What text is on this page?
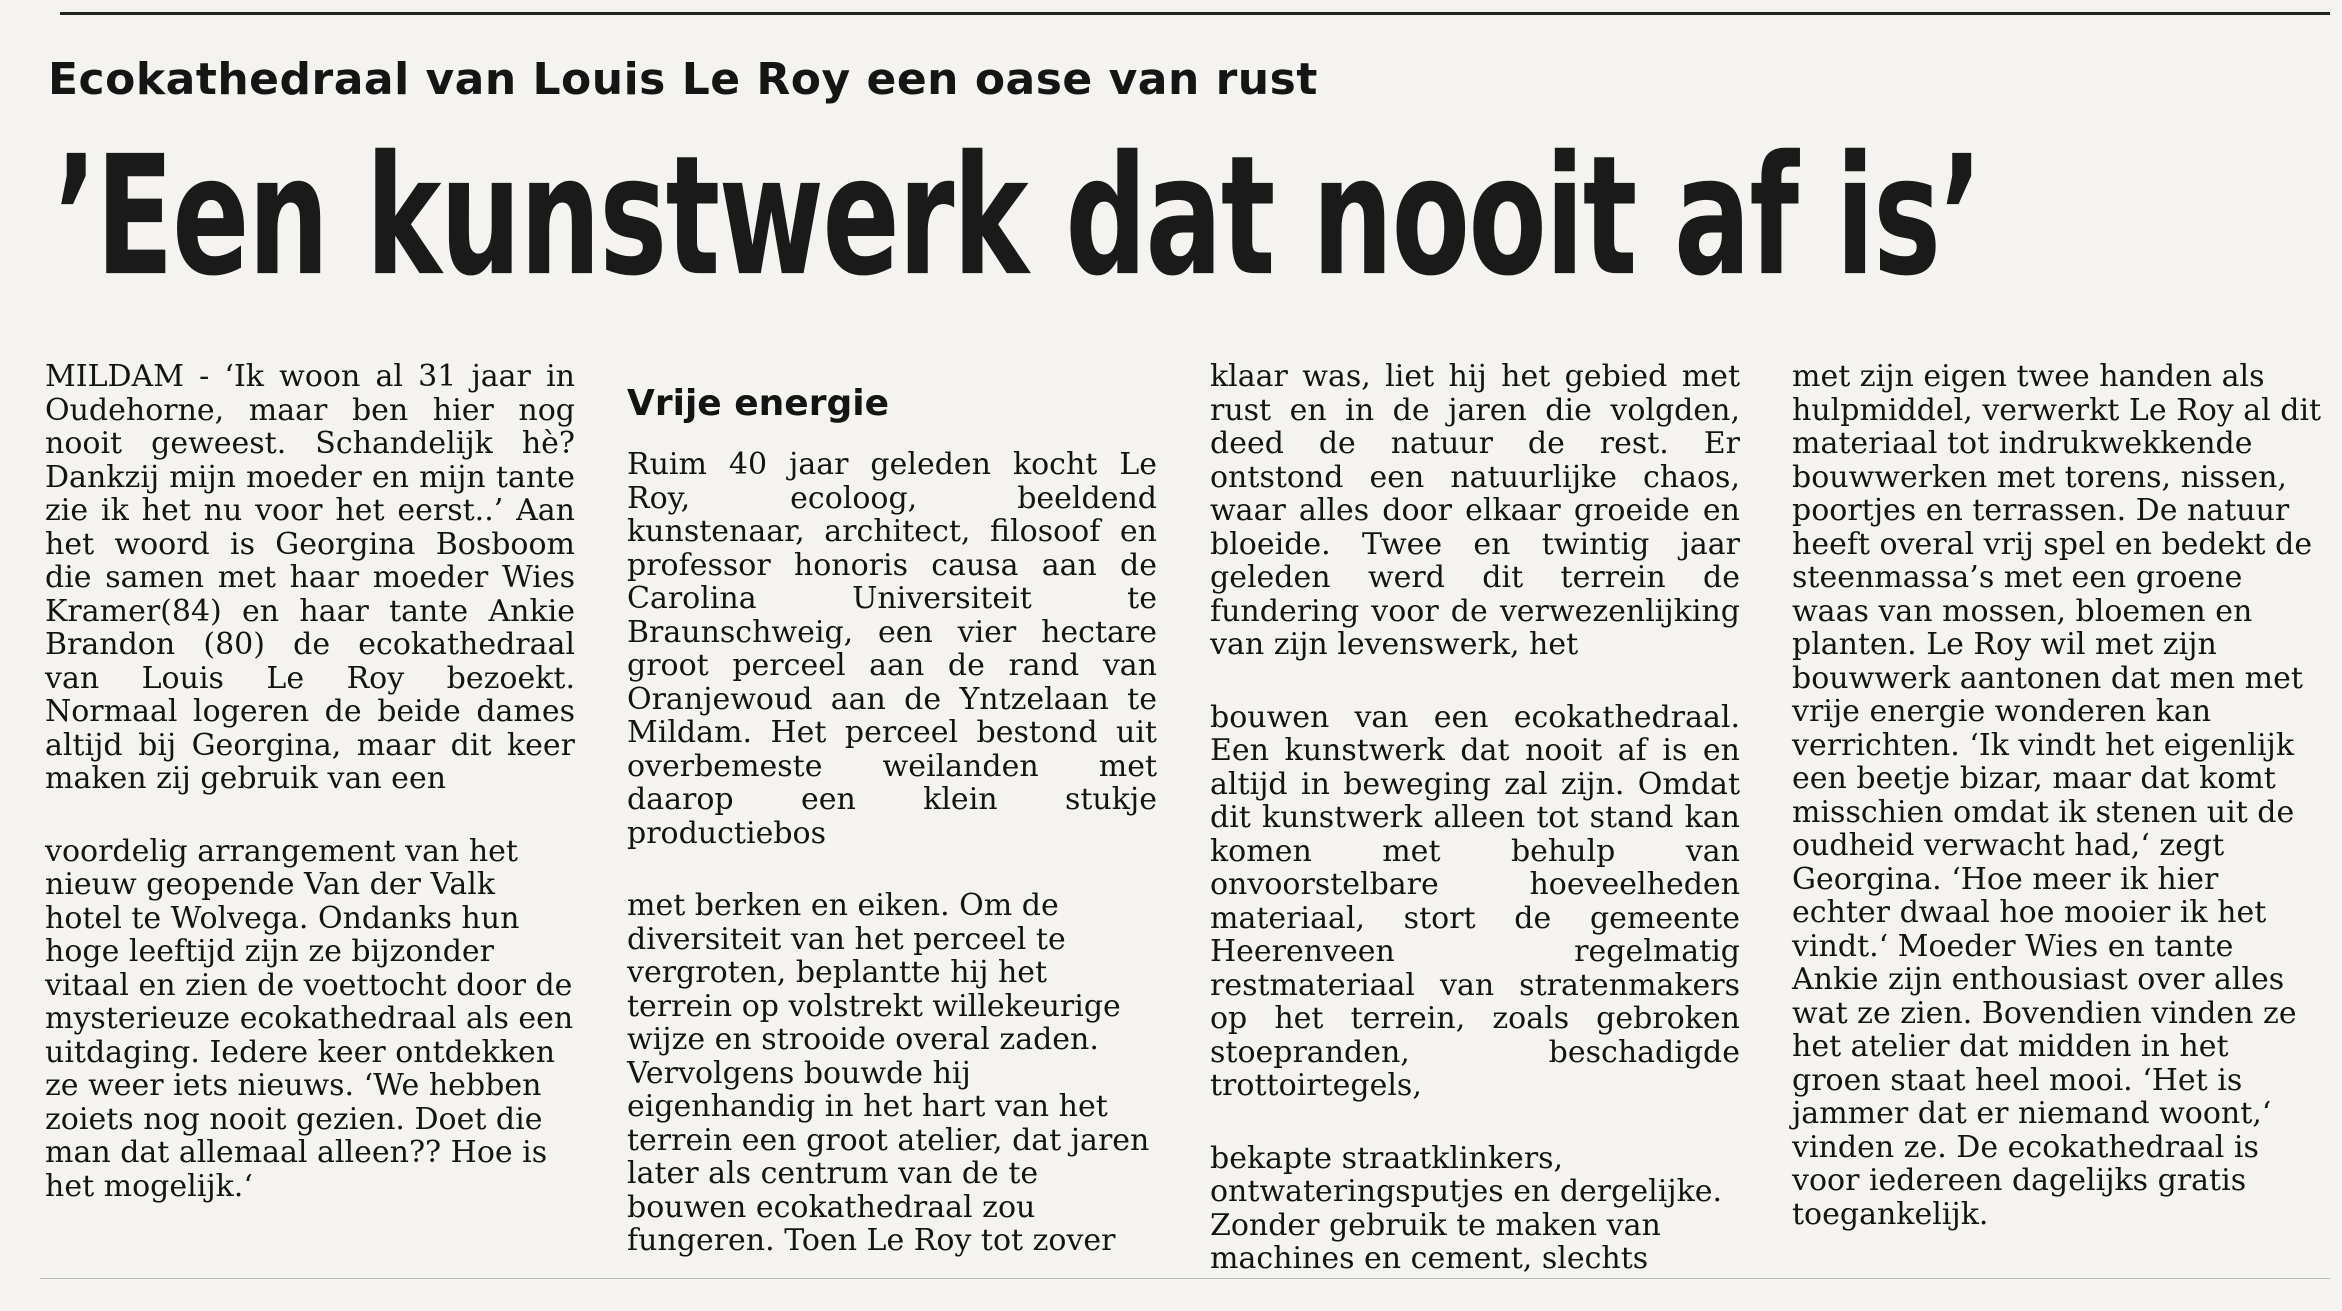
Ecokathedraal van Louis Le Roy een oase van rust
’Een kunstwerk dat nooit af is’

MILDAM - ‘Ik woon al 31 jaar in Oudehorne, maar ben hier nog nooit geweest. Schandelijk hè? Dankzij mijn moeder en mijn tante zie ik het nu voor het eerst..’ Aan het woord is Georgina Bosboom die samen met haar moeder Wies Kramer(84) en haar tante Ankie Brandon (80) de ecokathedraal van Louis Le Roy bezoekt. Normaal logeren de beide dames altijd bij Georgina, maar dit keer maken zij gebruik van een

voordelig arrangement van het nieuw geopende Van der Valk hotel te Wolvega. Ondanks hun hoge leeftijd zijn ze bijzonder vitaal en zien de voettocht door de mysterieuze ecokathedraal als een uitdaging. Iedere keer ontdekken ze weer iets nieuws. ‘We hebben zoiets nog nooit gezien. Doet die man dat allemaal alleen?? Hoe is het mogelijk.‘

Vrije energie

Ruim 40 jaar geleden kocht Le Roy, ecoloog, beeldend kunstenaar, architect, filosoof en professor honoris causa aan de Carolina Universiteit te Braunschweig, een vier hectare groot perceel aan de rand van Oranjewoud aan de Yntzelaan te Mildam. Het perceel bestond uit overbemeste weilanden met daarop een klein stukje productiebos

met berken en eiken. Om de diversiteit van het perceel te vergroten, beplantte hij het terrein op volstrekt willekeurige wijze en strooide overal zaden. Vervolgens bouwde hij eigenhandig in het hart van het terrein een groot atelier, dat jaren later als centrum van de te bouwen ecokathedraal zou fungeren. Toen Le Roy tot zover

klaar was, liet hij het gebied met rust en in de jaren die volgden, deed de natuur de rest. Er ontstond een natuurlijke chaos, waar alles door elkaar groeide en bloeide. Twee en twintig jaar geleden werd dit terrein de fundering voor de verwezenlijking van zijn levenswerk, het

bouwen van een ecokathedraal. Een kunstwerk dat nooit af is en altijd in beweging zal zijn. Omdat dit kunstwerk alleen tot stand kan komen met behulp van onvoorstelbare hoeveelheden materiaal, stort de gemeente Heerenveen regelmatig restmateriaal van stratenmakers op het terrein, zoals gebroken stoepranden, beschadigde trottoirtegels,

bekapte straatklinkers, ontwateringsputjes en dergelijke. Zonder gebruik te maken van machines en cement, slechts

met zijn eigen twee handen als hulpmiddel, verwerkt Le Roy al dit materiaal tot indrukwekkende bouwwerken met torens, nissen, poortjes en terrassen. De natuur heeft overal vrij spel en bedekt de steenmassa’s met een groene waas van mossen, bloemen en planten. Le Roy wil met zijn bouwwerk aantonen dat men met vrije energie wonderen kan verrichten. ‘Ik vindt het eigenlijk een beetje bizar, maar dat komt misschien omdat ik stenen uit de oudheid verwacht had,‘ zegt Georgina. ‘Hoe meer ik hier echter dwaal hoe mooier ik het vindt.‘ Moeder Wies en tante Ankie zijn enthousiast over alles wat ze zien. Bovendien vinden ze het atelier dat midden in het groen staat heel mooi. ‘Het is jammer dat er niemand woont,‘ vinden ze. De ecokathedraal is voor iedereen dagelijks gratis toegankelijk.
